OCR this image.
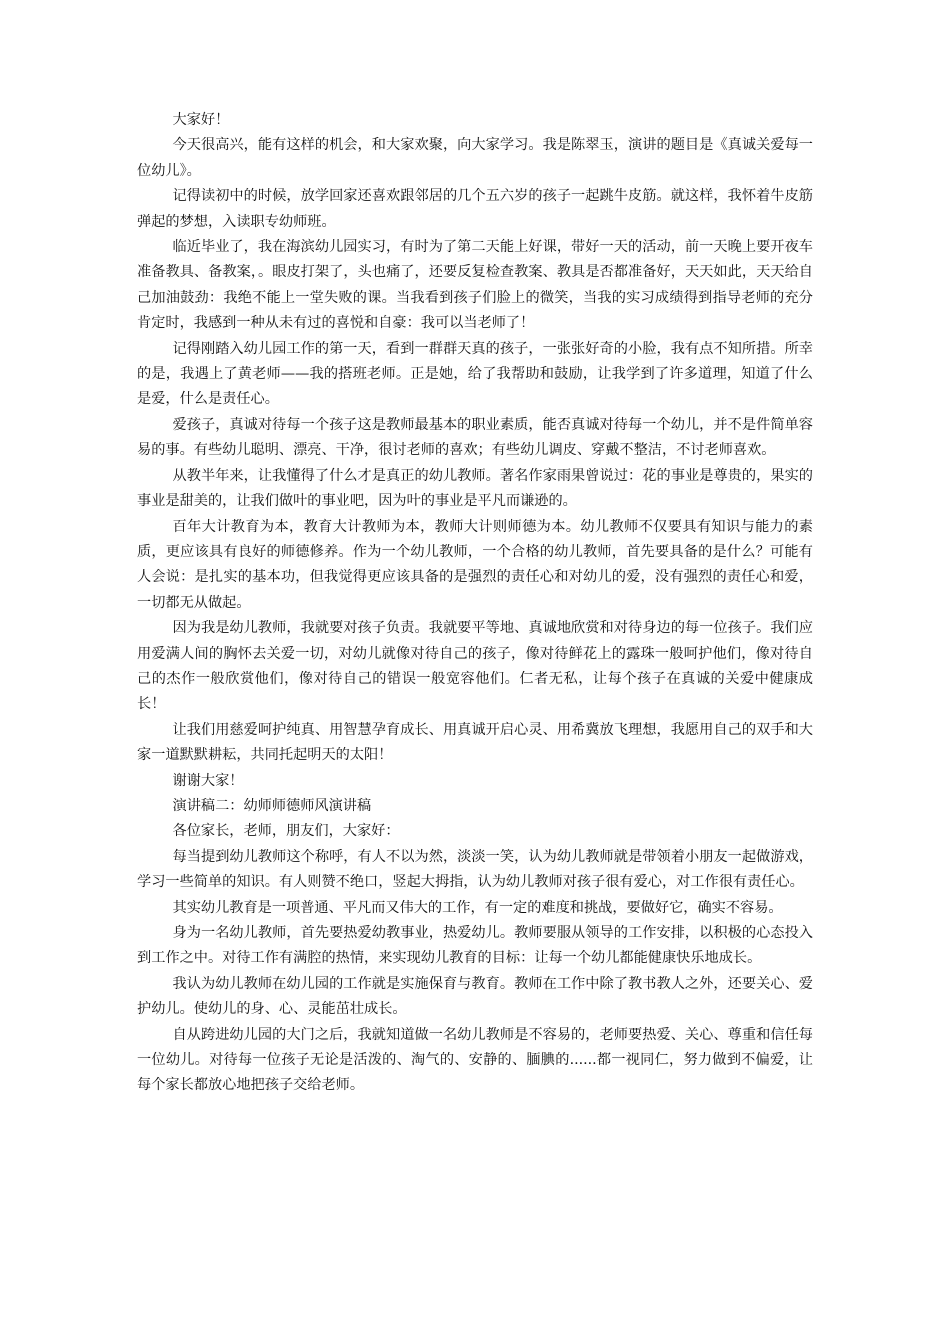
大家好！

今天很高兴，能有这样的机会，和大家欢聚，向大家学习。我是陈翠玉，演讲的题目是《真诚关爱每一位幼儿》。

记得读初中的时候，放学回家还喜欢跟邻居的几个五六岁的孩子一起跳牛皮筋。就这样，我怀着牛皮筋弹起的梦想，入读职专幼师班。

临近毕业了，我在海滨幼儿园实习，有时为了第二天能上好课，带好一天的活动，前一天晚上要开夜车准备教具、备教案，。眼皮打架了，头也痛了，还要反复检查教案、教具是否都准备好，天天如此，天天给自己加油鼓劲：我绝不能上一堂失败的课。当我看到孩子们脸上的微笑，当我的实习成绩得到指导老师的充分肯定时，我感到一种从未有过的喜悦和自豪：我可以当老师了！

记得刚踏入幼儿园工作的第一天，看到一群群天真的孩子，一张张好奇的小脸，我有点不知所措。所幸的是，我遇上了黄老师——我的搭班老师。正是她，给了我帮助和鼓励，让我学到了许多道理，知道了什么是爱，什么是责任心。

爱孩子，真诚对待每一个孩子这是教师最基本的职业素质，能否真诚对待每一个幼儿，并不是件简单容易的事。有些幼儿聪明、漂亮、干净，很讨老师的喜欢；有些幼儿调皮、穿戴不整洁，不讨老师喜欢。

从教半年来，让我懂得了什么才是真正的幼儿教师。著名作家雨果曾说过：花的事业是尊贵的，果实的事业是甜美的，让我们做叶的事业吧，因为叶的事业是平凡而谦逊的。

百年大计教育为本，教育大计教师为本，教师大计则师德为本。幼儿教师不仅要具有知识与能力的素质，更应该具有良好的师德修养。作为一个幼儿教师，一个合格的幼儿教师，首先要具备的是什么？可能有人会说：是扎实的基本功，但我觉得更应该具备的是强烈的责任心和对幼儿的爱，没有强烈的责任心和爱，一切都无从做起。

因为我是幼儿教师，我就要对孩子负责。我就要平等地、真诚地欣赏和对待身边的每一位孩子。我们应用爱满人间的胸怀去关爱一切，对幼儿就像对待自己的孩子，像对待鲜花上的露珠一般呵护他们，像对待自己的杰作一般欣赏他们，像对待自己的错误一般宽容他们。仁者无私，让每个孩子在真诚的关爱中健康成长！

让我们用慈爱呵护纯真、用智慧孕育成长、用真诚开启心灵、用希冀放飞理想，我愿用自己的双手和大家一道默默耕耘，共同托起明天的太阳！

谢谢大家！

演讲稿二：幼师师德师风演讲稿

各位家长，老师，朋友们，大家好：

每当提到幼儿教师这个称呼，有人不以为然，淡淡一笑，认为幼儿教师就是带领着小朋友一起做游戏，学习一些简单的知识。有人则赞不绝口，竖起大拇指，认为幼儿教师对孩子很有爱心，对工作很有责任心。

其实幼儿教育是一项普通、平凡而又伟大的工作，有一定的难度和挑战，要做好它，确实不容易。

身为一名幼儿教师，首先要热爱幼教事业，热爱幼儿。教师要服从领导的工作安排，以积极的心态投入到工作之中。对待工作有满腔的热情，来实现幼儿教育的目标：让每一个幼儿都能健康快乐地成长。

我认为幼儿教师在幼儿园的工作就是实施保育与教育。教师在工作中除了教书教人之外，还要关心、爱护幼儿。使幼儿的身、心、灵能茁壮成长。

自从跨进幼儿园的大门之后，我就知道做一名幼儿教师是不容易的，老师要热爱、关心、尊重和信任每一位幼儿。对待每一位孩子无论是活泼的、淘气的、安静的、腼腆的......都一视同仁，努力做到不偏爱，让每个家长都放心地把孩子交给老师。
